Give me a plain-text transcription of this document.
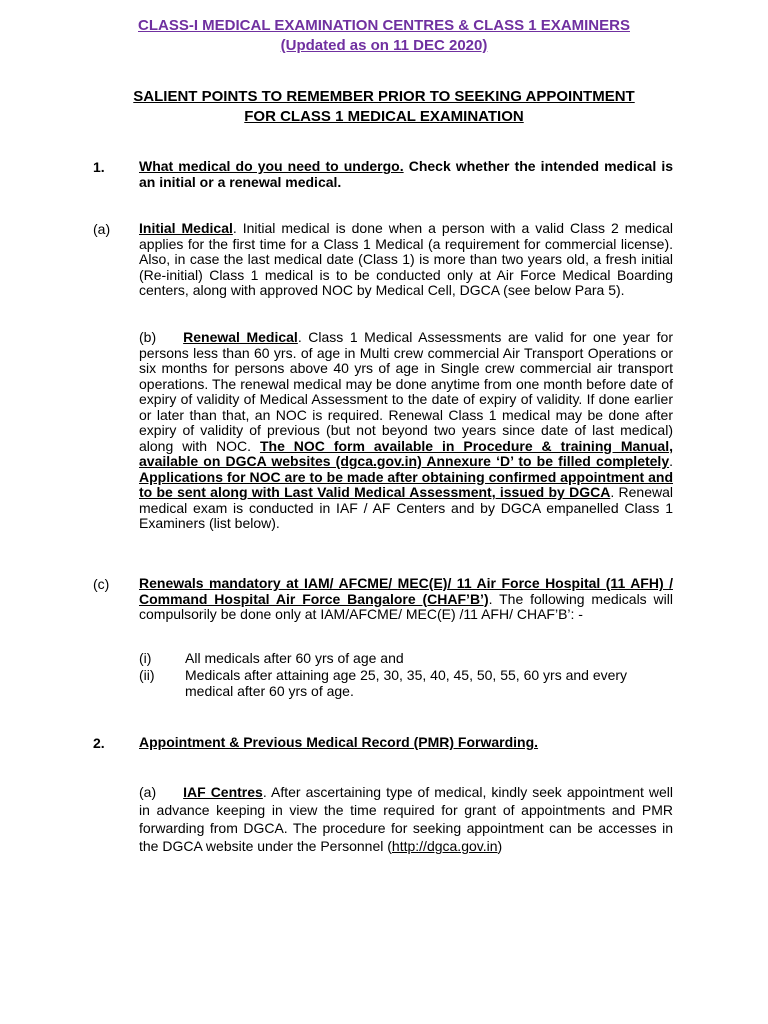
CLASS-I MEDICAL EXAMINATION CENTRES & CLASS 1 EXAMINERS
(Updated as on 11 DEC 2020)
SALIENT POINTS TO REMEMBER PRIOR TO SEEKING APPOINTMENT
FOR CLASS 1 MEDICAL EXAMINATION
1. What medical do you need to undergo. Check whether the intended medical is an initial or a renewal medical.
(a) Initial Medical. Initial medical is done when a person with a valid Class 2 medical applies for the first time for a Class 1 Medical (a requirement for commercial license). Also, in case the last medical date (Class 1) is more than two years old, a fresh initial (Re-initial) Class 1 medical is to be conducted only at Air Force Medical Boarding centers, along with approved NOC by Medical Cell, DGCA (see below Para 5).
(b) Renewal Medical. Class 1 Medical Assessments are valid for one year for persons less than 60 yrs. of age in Multi crew commercial Air Transport Operations or six months for persons above 40 yrs of age in Single crew commercial air transport operations. The renewal medical may be done anytime from one month before date of expiry of validity of Medical Assessment to the date of expiry of validity. If done earlier or later than that, an NOC is required. Renewal Class 1 medical may be done after expiry of validity of previous (but not beyond two years since date of last medical) along with NOC. The NOC form available in Procedure & training Manual, available on DGCA websites (dgca.gov.in) Annexure ‘D’ to be filled completely. Applications for NOC are to be made after obtaining confirmed appointment and to be sent along with Last Valid Medical Assessment, issued by DGCA. Renewal medical exam is conducted in IAF / AF Centers and by DGCA empanelled Class 1 Examiners (list below).
(c) Renewals mandatory at IAM/ AFCME/ MEC(E)/ 11 Air Force Hospital (11 AFH) / Command Hospital Air Force Bangalore (CHAF’B’). The following medicals will compulsorily be done only at IAM/AFCME/ MEC(E) /11 AFH/ CHAF’B’: -
(i) All medicals after 60 yrs of age and
(ii) Medicals after attaining age 25, 30, 35, 40, 45, 50, 55, 60 yrs and every medical after 60 yrs of age.
2. Appointment & Previous Medical Record (PMR) Forwarding.
(a) IAF Centres. After ascertaining type of medical, kindly seek appointment well in advance keeping in view the time required for grant of appointments and PMR forwarding from DGCA. The procedure for seeking appointment can be accesses in the DGCA website under the Personnel (http://dgca.gov.in)
